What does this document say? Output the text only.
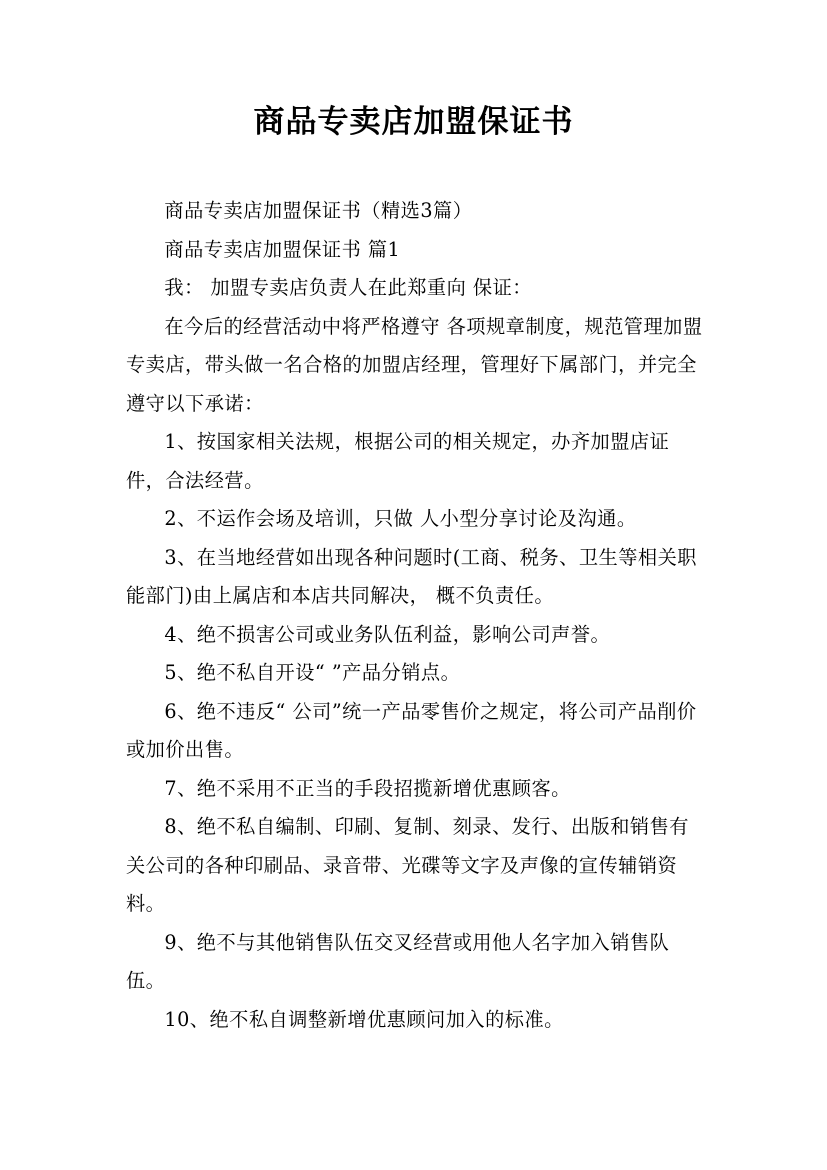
商品专卖店加盟保证书

商品专卖店加盟保证书（精选3篇）

商品专卖店加盟保证书 篇1

我： 加盟专卖店负责人在此郑重向 保证：

在今后的经营活动中将严格遵守 各项规章制度，规范管理加盟专卖店，带头做一名合格的加盟店经理，管理好下属部门，并完全遵守以下承诺：

1、按国家相关法规，根据公司的相关规定，办齐加盟店证件，合法经营。

2、不运作会场及培训，只做 人小型分享讨论及沟通。

3、在当地经营如出现各种问题时(工商、税务、卫生等相关职能部门)由上属店和本店共同解决， 概不负责任。

4、绝不损害公司或业务队伍利益，影响公司声誉。

5、绝不私自开设“ ”产品分销点。

6、绝不违反“ 公司”统一产品零售价之规定，将公司产品削价或加价出售。

7、绝不采用不正当的手段招揽新增优惠顾客。

8、绝不私自编制、印刷、复制、刻录、发行、出版和销售有关公司的各种印刷品、录音带、光碟等文字及声像的宣传辅销资料。

9、绝不与其他销售队伍交叉经营或用他人名字加入销售队伍。

10、绝不私自调整新增优惠顾问加入的标准。
